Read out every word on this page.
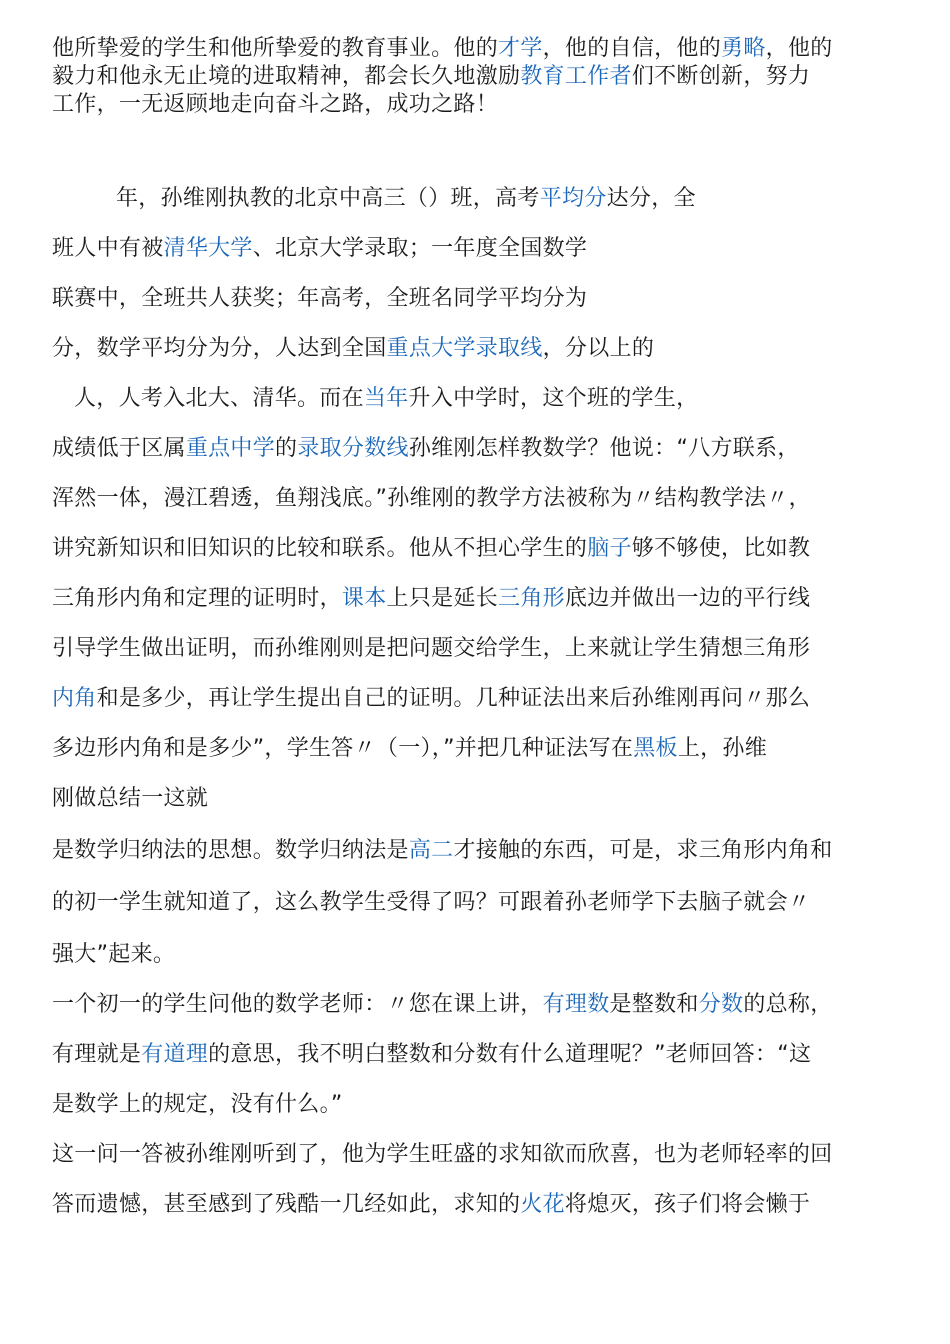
他所挚爱的学生和他所挚爱的教育事业。他的才学，他的自信，他的勇略，他的
毅力和他永无止境的进取精神，都会长久地激励教育工作者们不断创新，努力
工作，一无返顾地走向奋斗之路，成功之路！
年，孙维刚执教的北京中高三（）班，高考平均分达分，全
班人中有被清华大学、北京大学录取；一年度全国数学
联赛中，全班共人获奖；年高考，全班名同学平均分为
分，数学平均分为分，人达到全国重点大学录取线，分以上的
人，人考入北大、清华。而在当年升入中学时，这个班的学生，
成绩低于区属重点中学的录取分数线孙维刚怎样教数学？他说：“八方联系，
浑然一体，漫江碧透，鱼翔浅底。”孙维刚的教学方法被称为〃结构教学法〃，
讲究新知识和旧知识的比较和联系。他从不担心学生的脑子够不够使，比如教
三角形内角和定理的证明时，课本上只是延长三角形底边并做出一边的平行线
引导学生做出证明，而孙维刚则是把问题交给学生，上来就让学生猜想三角形
内角和是多少，再让学生提出自己的证明。几种证法出来后孙维刚再问〃那么
多边形内角和是多少”，学生答〃（一），”并把几种证法写在黑板上，孙维
刚做总结一这就
是数学归纳法的思想。数学归纳法是高二才接触的东西，可是，求三角形内角和
的初一学生就知道了，这么教学生受得了吗？可跟着孙老师学下去脑子就会〃
强大”起来。
一个初一的学生问他的数学老师：〃您在课上讲，有理数是整数和分数的总称，
有理就是有道理的意思，我不明白整数和分数有什么道理呢？”老师回答：“这
是数学上的规定，没有什么。”
这一问一答被孙维刚听到了，他为学生旺盛的求知欲而欣喜，也为老师轻率的回
答而遗憾，甚至感到了残酷一几经如此，求知的火花将熄灭，孩子们将会懒于
